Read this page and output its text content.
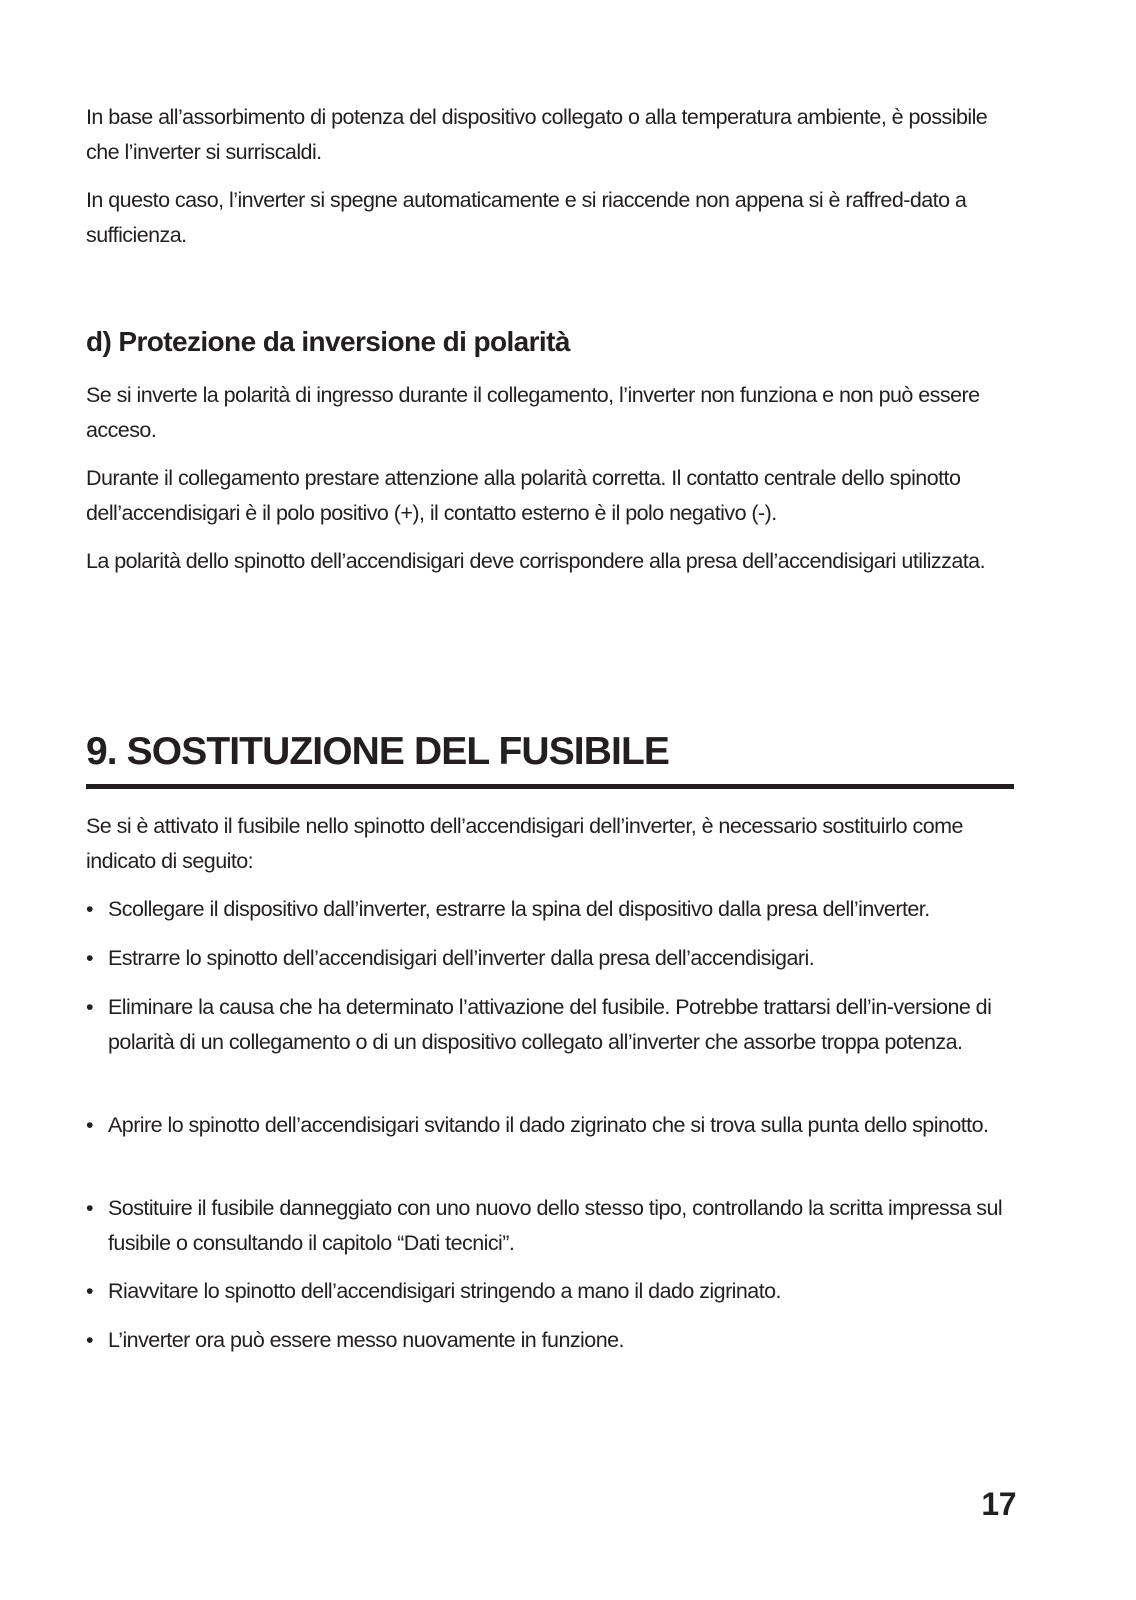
In base all’assorbimento di potenza del dispositivo collegato o alla temperatura ambiente, è possibile che l’inverter si surriscaldi.

In questo caso, l’inverter si spegne automaticamente e si riaccende non appena si è raffred-dato a sufficienza.

d) Protezione da inversione di polarità

Se si inverte la polarità di ingresso durante il collegamento, l’inverter non funziona e non può essere acceso.

Durante il collegamento prestare attenzione alla polarità corretta. Il contatto centrale dello spinotto dell’accendisigari è il polo positivo (+), il contatto esterno è il polo negativo (-).

La polarità dello spinotto dell’accendisigari deve corrispondere alla presa dell’accendisigari utilizzata.

9. SOSTITUZIONE DEL FUSIBILE

Se si è attivato il fusibile nello spinotto dell’accendisigari dell’inverter, è necessario sostituirlo come indicato di seguito:

• Scollegare il dispositivo dall’inverter, estrarre la spina del dispositivo dalla presa dell’inverter.
• Estrarre lo spinotto dell’accendisigari dell’inverter dalla presa dell’accendisigari.
• Eliminare la causa che ha determinato l’attivazione del fusibile. Potrebbe trattarsi dell’in-versione di polarità di un collegamento o di un dispositivo collegato all’inverter che assorbe troppa potenza.
• Aprire lo spinotto dell’accendisigari svitando il dado zigrinato che si trova sulla punta dello spinotto.
• Sostituire il fusibile danneggiato con uno nuovo dello stesso tipo, controllando la scritta impressa sul fusibile o consultando il capitolo “Dati tecnici”.
• Riavvitare lo spinotto dell’accendisigari stringendo a mano il dado zigrinato.
• L’inverter ora può essere messo nuovamente in funzione.
17
